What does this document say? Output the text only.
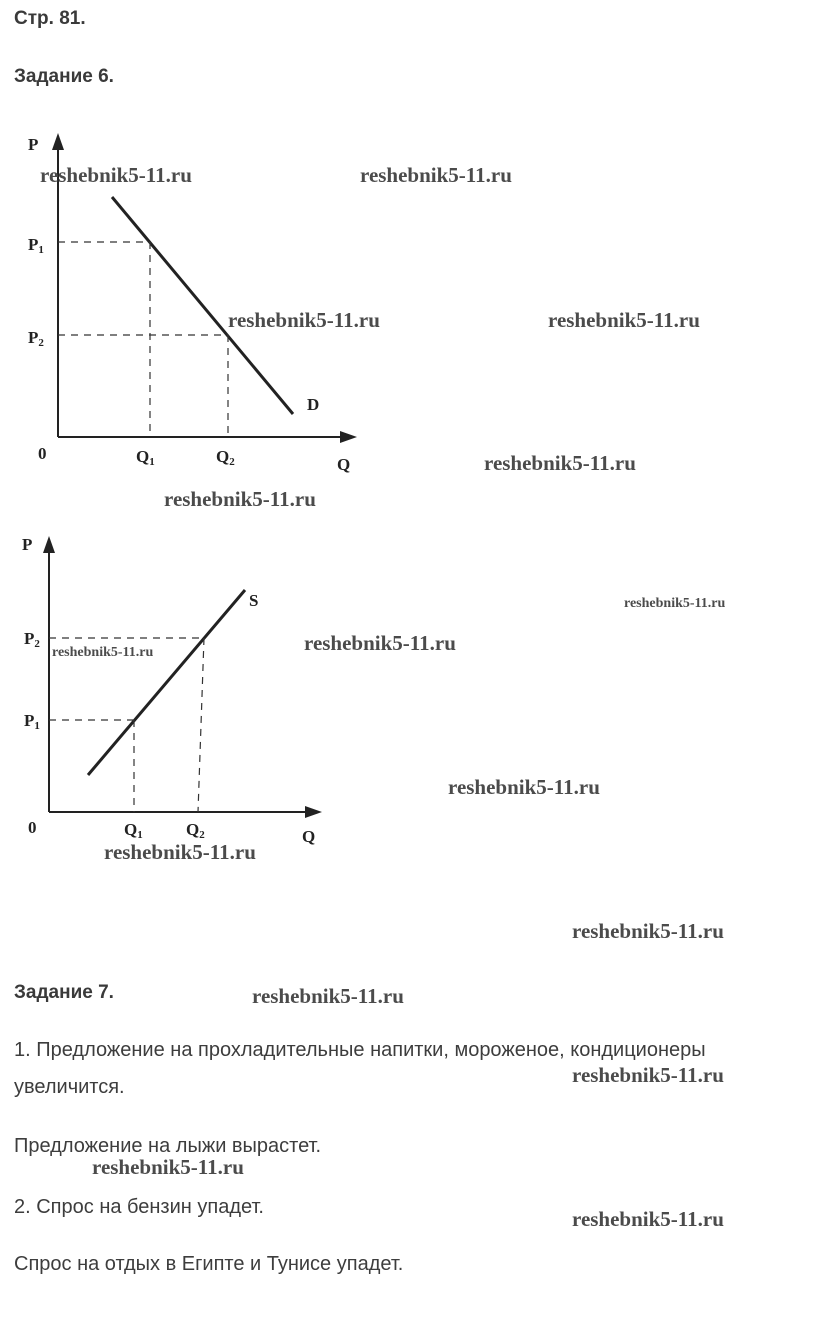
Стр. 81.
Задание 6.
P
Q
0
P1
P2
Q1	Q2
D
P
Q
0
P1
P2
Q1	Q2
S
Задание 7.
1. Предложение на прохладительные напитки, мороженое, кондиционеры увеличится.
Предложение на лыжи вырастет.
2. Спрос на бензин упадет.
Спрос на отдых в Египте и Тунисе упадет.
reshebnik5-11.ru	reshebnik5-11.ru
reshebnik5-11.ru	reshebnik5-11.ru
reshebnik5-11.ru
reshebnik5-11.ru
reshebnik5-11.ru
reshebnik5-11.ru
reshebnik5-11.ru
reshebnik5-11.ru
reshebnik5-11.ru
reshebnik5-11.ru
reshebnik5-11.ru
reshebnik5-11.ru
reshebnik5-11.ru
reshebnik5-11.ru
